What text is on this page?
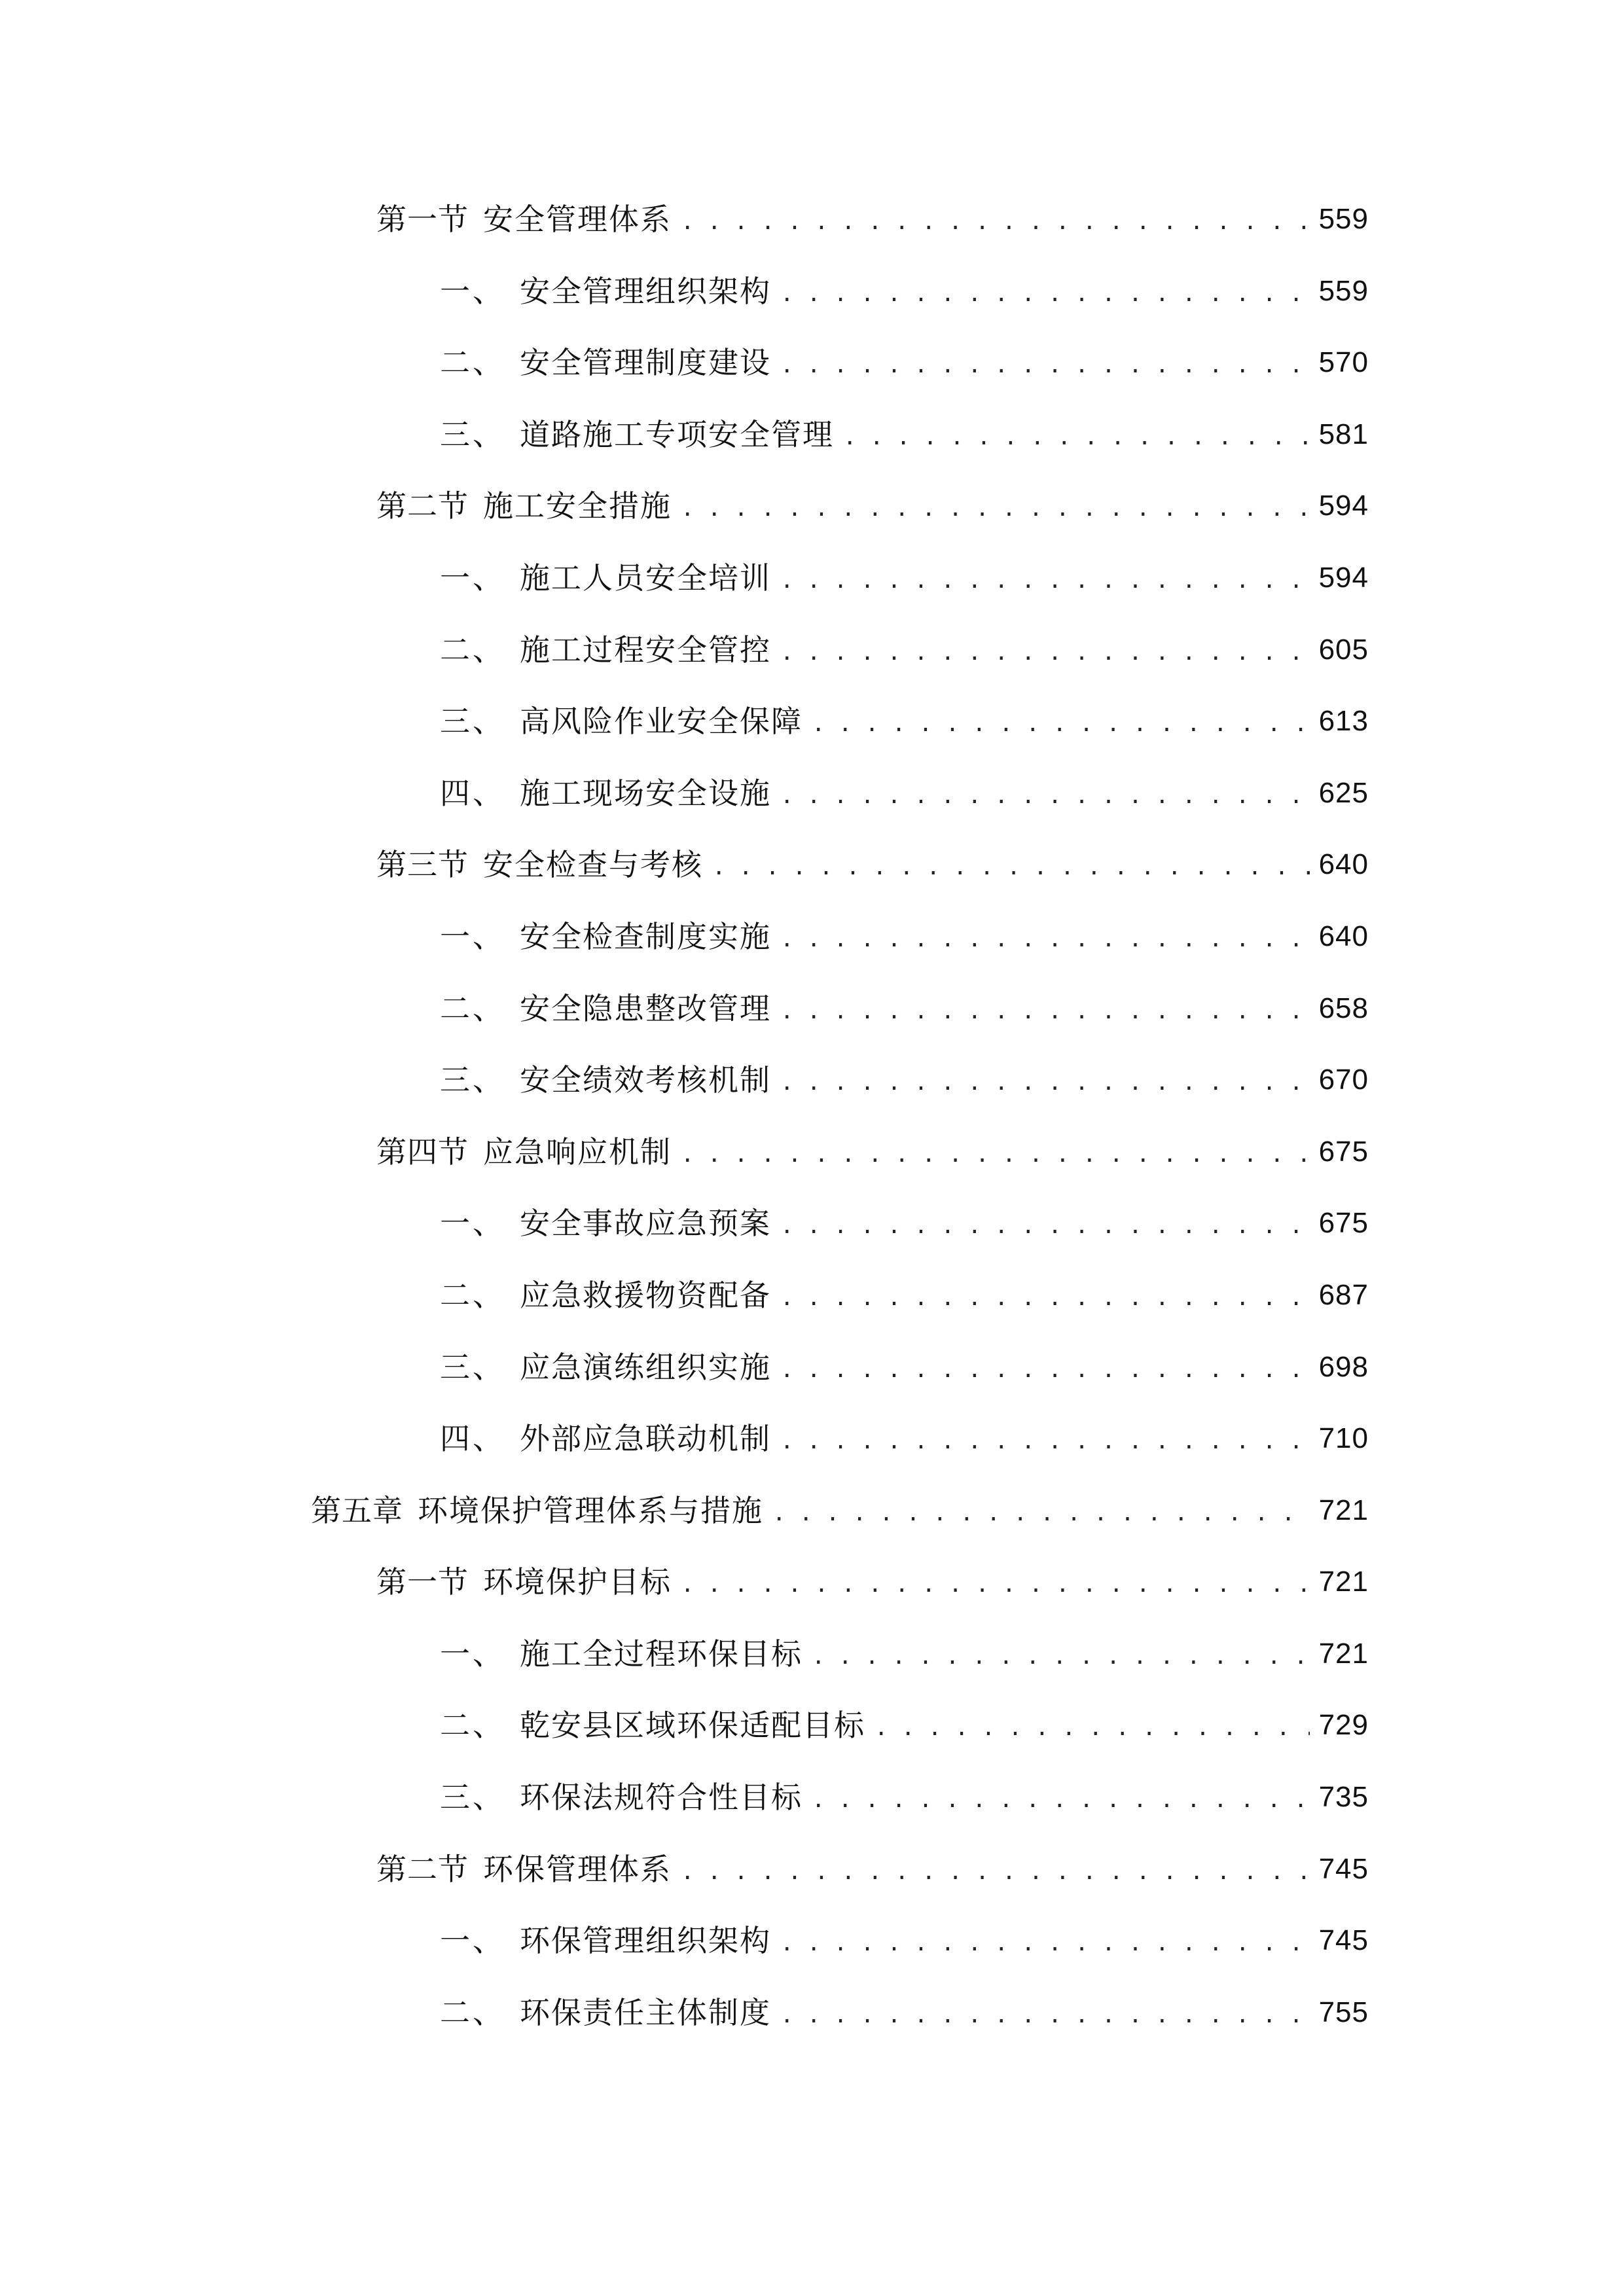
第一节 安全管理体系 . . .	559
一、 安全管理组织架构 . . .	559
二、 安全管理制度建设 . . .	570
三、 道路施工专项安全管理 . . .	581
第二节 施工安全措施 . . .	594
一、 施工人员安全培训 . . .	594
二、 施工过程安全管控 . . .	605
三、 高风险作业安全保障 . . .	613
四、 施工现场安全设施 . . .	625
第三节 安全检查与考核 . . .	640
一、 安全检查制度实施 . . .	640
二、 安全隐患整改管理 . . .	658
三、 安全绩效考核机制 . . .	670
第四节 应急响应机制 . . .	675
一、 安全事故应急预案 . . .	675
二、 应急救援物资配备 . . .	687
三、 应急演练组织实施 . . .	698
四、 外部应急联动机制 . . .	710
第五章 环境保护管理体系与措施 . . .	721
第一节 环境保护目标 . . .	721
一、 施工全过程环保目标 . . .	721
二、 乾安县区域环保适配目标 . . .	729
三、 环保法规符合性目标 . . .	735
第二节 环保管理体系 . . .	745
一、 环保管理组织架构 . . .	745
二、 环保责任主体制度 . . .	755
